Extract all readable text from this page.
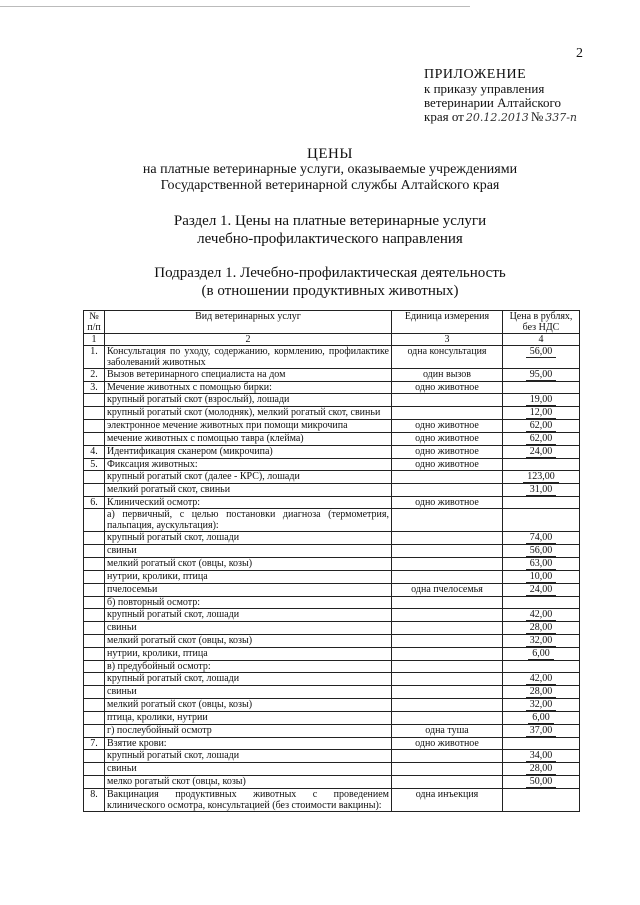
2
ПРИЛОЖЕНИЕ
к приказу управления
ветеринарии Алтайского
края от 20.12.2013 № 337-п
ЦЕНЫ
на платные ветеринарные услуги, оказываемые учреждениями
Государственной ветеринарной службы Алтайского края
Раздел 1. Цены на платные ветеринарные услуги
лечебно-профилактического направления
Подраздел 1. Лечебно-профилактическая деятельность
(в отношении продуктивных животных)
№ п/п	Вид ветеринарных услуг	Единица измерения	Цена в рублях, без НДС
1	2	3	4
1.	Консультация по уходу, содержанию, кормлению, профилактике заболеваний животных	одна консультация	56,00
2.	Вызов ветеринарного специалиста на дом	один вызов	95,00
3.	Мечение животных с помощью бирки:	одно животное	
	крупный рогатый скот (взрослый), лошади		19,00
	крупный рогатый скот (молодняк), мелкий рогатый скот, свиньи		12,00
	электронное мечение животных при помощи микрочипа	одно животное	62,00
	мечение животных с помощью тавра (клейма)	одно животное	62,00
4.	Идентификация сканером (микрочипа)	одно животное	24,00
5.	Фиксация животных:	одно животное	
	крупный рогатый скот (далее - КРС), лошади		123,00
	мелкий рогатый скот, свиньи		31,00
6.	Клинический осмотр:	одно животное	
	а) первичный, с целью постановки диагноза (термометрия, пальпация, аускультация):		
	крупный рогатый скот, лошади		74,00
	свиньи		56,00
	мелкий рогатый скот (овцы, козы)		63,00
	нутрии, кролики, птица		10,00
	пчелосемьи	одна пчелосемья	24,00
	б) повторный осмотр:		
	крупный рогатый скот, лошади		42,00
	свиньи		28,00
	мелкий рогатый скот (овцы, козы)		32,00
	нутрии, кролики, птица		6,00
	в) предубойный осмотр:		
	крупный рогатый скот, лошади		42,00
	свиньи		28,00
	мелкий рогатый скот (овцы, козы)		32,00
	птица, кролики, нутрии		6,00
	г) послеубойный осмотр	одна туша	37,00
7.	Взятие крови:	одно животное	
	крупный рогатый скот, лошади		34,00
	свиньи		28,00
	мелко рогатый скот (овцы, козы)		50,00
8.	Вакцинация продуктивных животных с проведением клинического осмотра, консультацией (без стоимости вакцины):	одна инъекция	
